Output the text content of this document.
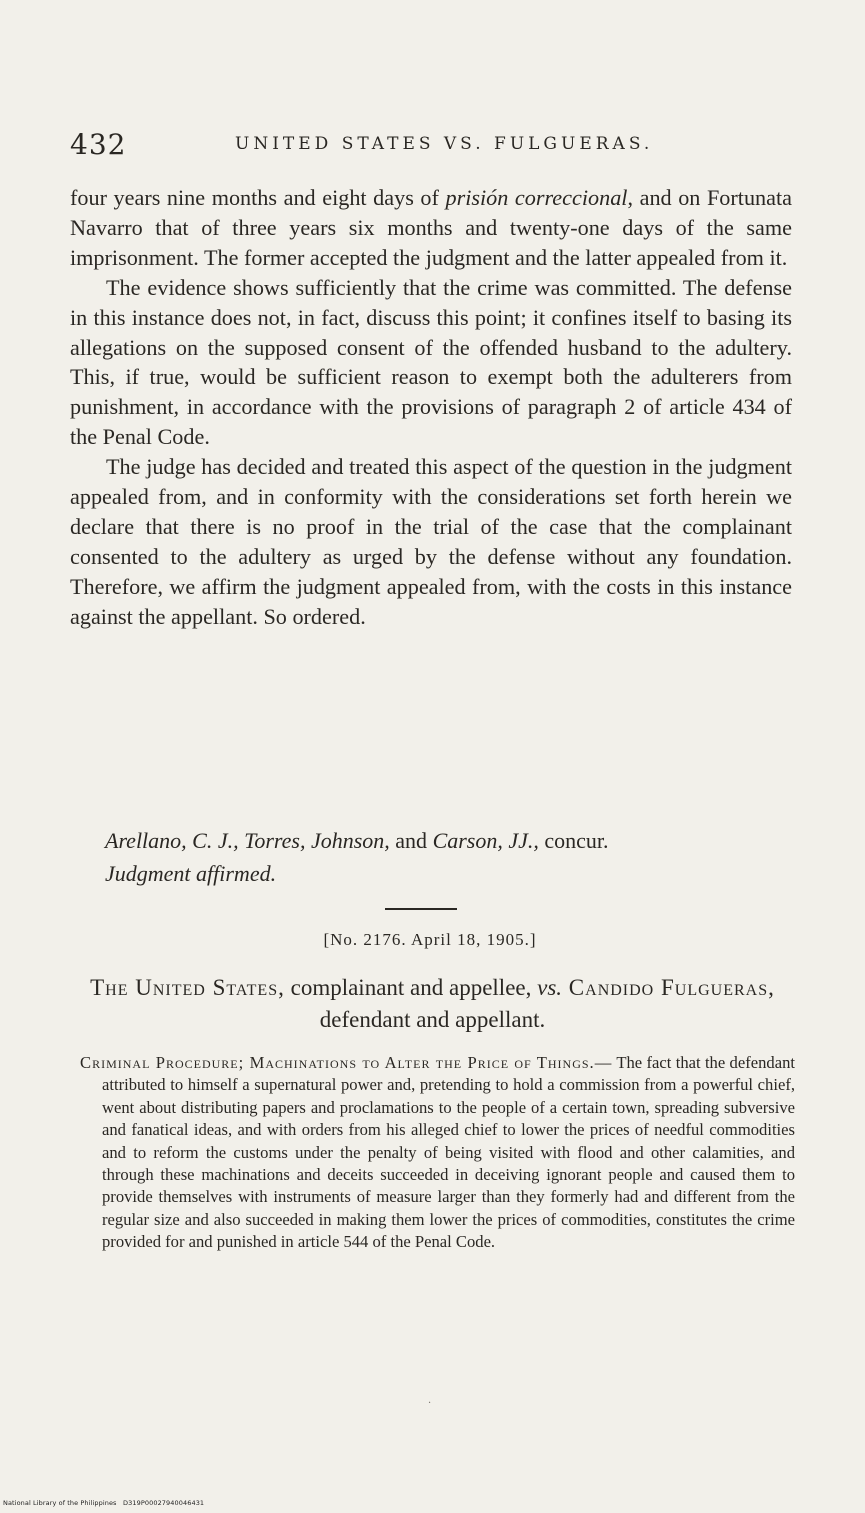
432	UNITED STATES VS. FULGUERAS.

four years nine months and eight days of prisión correccional, and on Fortunata Navarro that of three years six months and twenty-one days of the same imprisonment. The former accepted the judgment and the latter appealed from it.

The evidence shows sufficiently that the crime was committed. The defense in this instance does not, in fact, discuss this point; it confines itself to basing its allegations on the supposed consent of the offended husband to the adultery. This, if true, would be sufficient reason to exempt both the adulterers from punishment, in accordance with the provisions of paragraph 2 of article 434 of the Penal Code.

The judge has decided and treated this aspect of the question in the judgment appealed from, and in conformity with the considerations set forth herein we declare that there is no proof in the trial of the case that the complainant consented to the adultery as urged by the defense without any foundation. Therefore, we affirm the judgment appealed from, with the costs in this instance against the appellant. So ordered.

Arellano, C. J., Torres, Johnson, and Carson, JJ., concur.
Judgment affirmed.
[No. 2176. April 18, 1905.]
The United States, complainant and appellee, vs. Candido Fulgueras, defendant and appellant.

Criminal Procedure; Machinations to Alter the Price of Things.— The fact that the defendant attributed to himself a supernatural power and, pretending to hold a commission from a powerful chief, went about distributing papers and proclamations to the people of a certain town, spreading subversive and fanatical ideas, and with orders from his alleged chief to lower the prices of needful commodities and to reform the customs under the penalty of being visited with flood and other calamities, and through these machinations and deceits succeeded in deceiving ignorant people and caused them to provide themselves with instruments of measure larger than they formerly had and different from the regular size and also succeeded in making them lower the prices of commodities, constitutes the crime provided for and punished in article 544 of the Penal Code.

·
National Library of the Philippines D319P00027940046431
